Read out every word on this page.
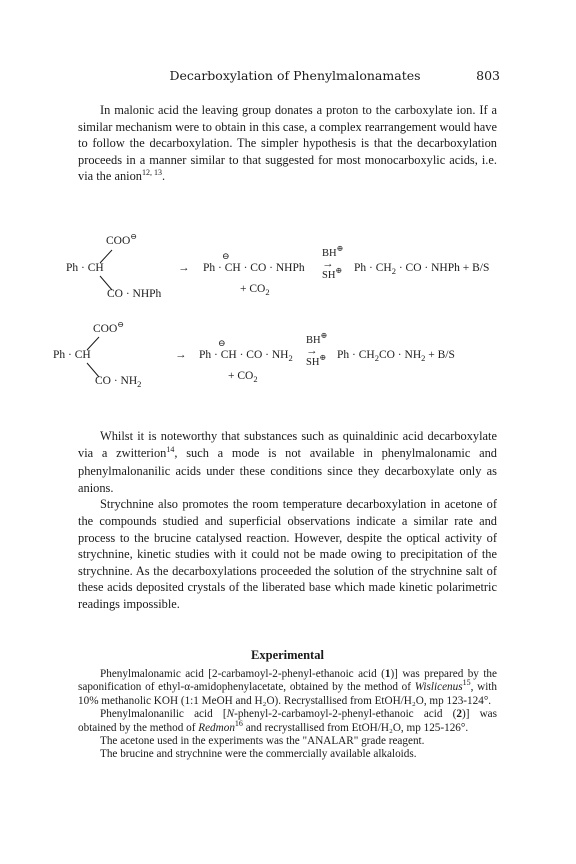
Decarboxylation of Phenylmalonamates	803

In malonic acid the leaving group donates a proton to the carboxylate ion. If a similar mechanism were to obtain in this case, a complex rearrangement would have to follow the decarboxylation. The simpler hypothesis is that the decarboxylation proceeds in a manner similar to that suggested for most monocarboxylic acids, i.e. via the anion$^{12, 13}$.

COO⊖
Ph · CH
CO · NHPh
→
⊖
Ph · CH · CO · NHPh
BH⊕
→
SH⊕ $Ph \cdot CH_2$ · CO · NHPh + B/S
+ $CO_2$
COO⊖
Ph · CH
CO · $NH_2$
→
⊖
Ph · CH · CO · $NH_2$
BH⊕
→
SH⊕ $Ph \cdot CH_2CO \cdot NH_2 + B/S$
+ $CO_2$

Whilst it is noteworthy that substances such as quinaldinic acid decarboxylate via a zwitterion$^{14}$, such a mode is not available in phenylmalonamic and phenylmalonanilic acids under these conditions since they decarboxylate only as anions.

Strychnine also promotes the room temperature decarboxylation in acetone of the compounds studied and superficial observations indicate a similar rate and process to the brucine catalysed reaction. However, despite the optical activity of strychnine, kinetic studies with it could not be made owing to precipitation of the strychnine. As the decarboxylations proceeded the solution of the strychnine salt of these acids deposited crystals of the liberated base which made kinetic polarimetric readings impossible.

Experimental

Phenylmalonamic acid [2-carbamoyl-2-phenyl-ethanoic acid (1)] was prepared by the saponification of ethyl-α-amidophenylacetate, obtained by the method of Wislicenus$^{15}$, with 10% methanolic KOH (1:1 MeOH and H₂O). Recrystallised from EtOH/H₂O, mp 123-124°.

Phenylmalonanilic acid [N-phenyl-2-carbamoyl-2-phenyl-ethanoic acid (2)] was obtained by the method of Redmon$^{16}$ and recrystallised from EtOH/H₂O, mp 125-126°.

The acetone used in the experiments was the "ANALAR" grade reagent.

The brucine and strychnine were the commercially available alkaloids.
